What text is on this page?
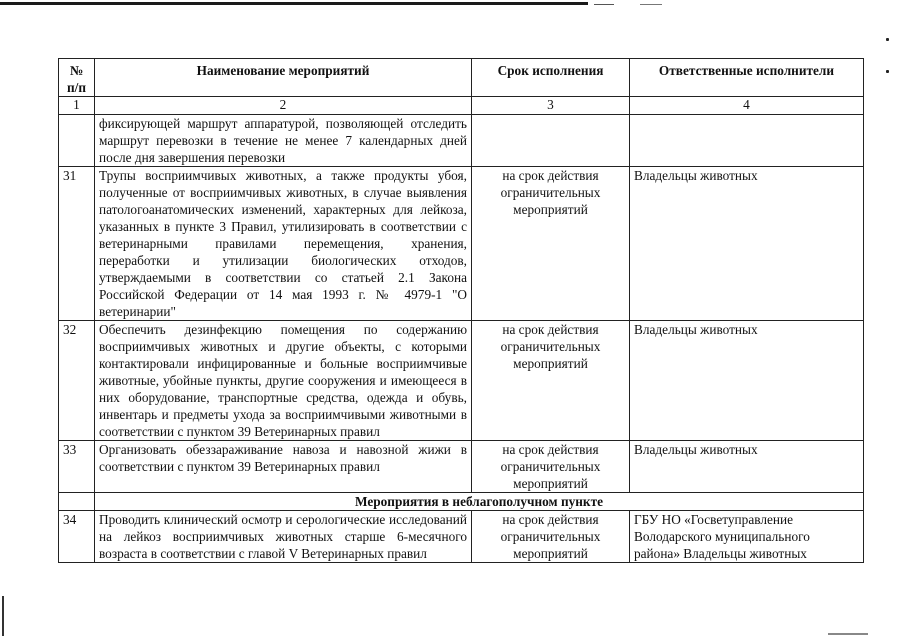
№ п/п	Наименование мероприятий	Срок исполнения	Ответственные исполнители
1	2	3	4
	фиксирующей маршрут аппаратурой, позволяющей отследить маршрут перевозки в течение не менее 7 календарных дней после дня завершения перевозки		
31	Трупы восприимчивых животных, а также продукты убоя, полученные от восприимчивых животных, в случае выявления патологоанатомических изменений, характерных для лейкоза, указанных в пункте 3 Правил, утилизировать в соответствии с ветеринарными правилами перемещения, хранения, переработки и утилизации биологических отходов, утверждаемыми в соответствии со статьей 2.1 Закона Российской Федерации от 14 мая 1993 г. № 4979-1 "О ветеринарии"	на срок действия ограничительных мероприятий	Владельцы животных
32	Обеспечить дезинфекцию помещения по содержанию восприимчивых животных и другие объекты, с которыми контактировали инфицированные и больные восприимчивые животные, убойные пункты, другие сооружения и имеющееся в них оборудование, транспортные средства, одежда и обувь, инвентарь и предметы ухода за восприимчивыми животными в соответствии с пунктом 39 Ветеринарных правил	на срок действия ограничительных мероприятий	Владельцы животных
33	Организовать обеззараживание навоза и навозной жижи в соответствии с пунктом 39 Ветеринарных правил	на срок действия ограничительных мероприятий	Владельцы животных
	Мероприятия в неблагополучном пункте		
34	Проводить клинический осмотр и серологические исследований на лейкоз восприимчивых животных старше 6-месячного возраста в соответствии с главой V Ветеринарных правил	на срок действия ограничительных мероприятий	ГБУ НО «Госветуправление Володарского муниципального района» Владельцы животных
